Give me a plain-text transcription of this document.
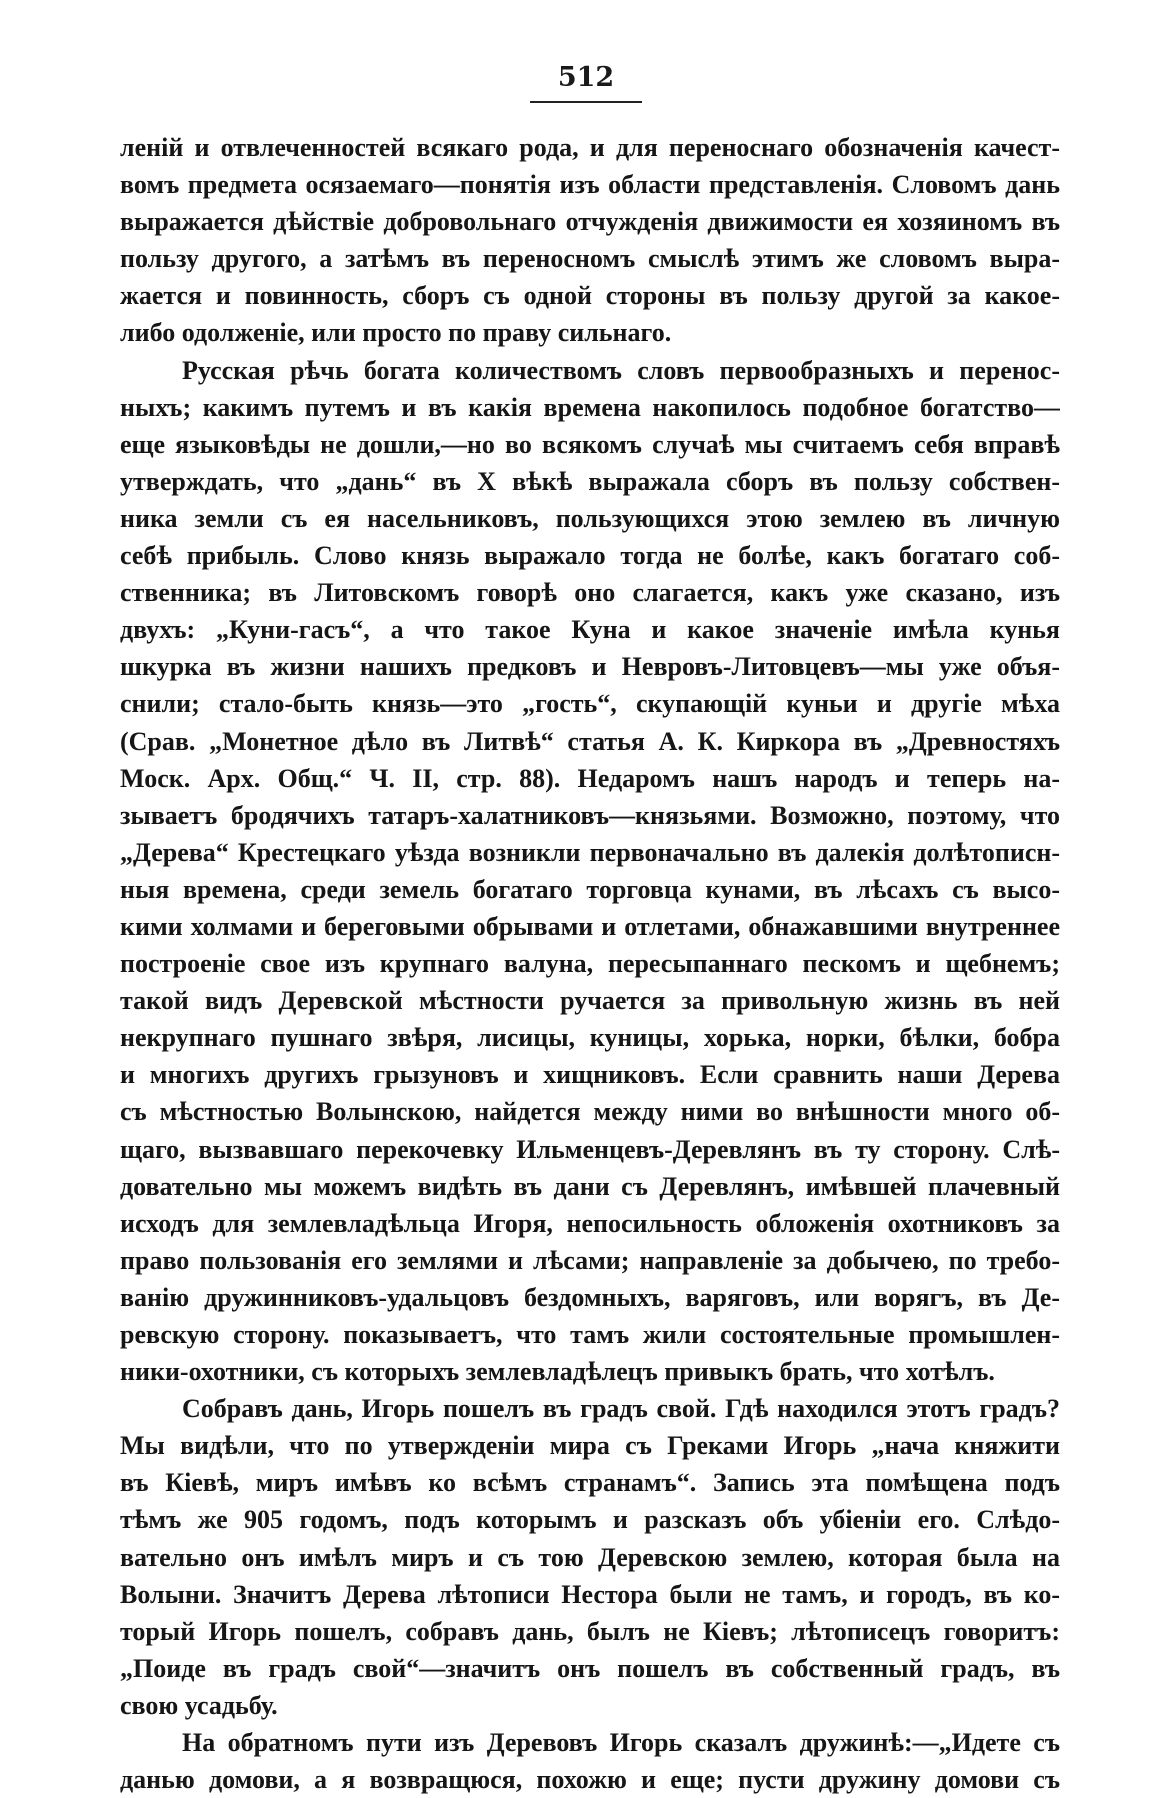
512
леній и отвлеченностей всякаго рода, и для переноснаго обозначенія качест-
вомъ предмета осязаемаго—понятія изъ области представленія. Словомъ дань
выражается дѣйствіе добровольнаго отчужденія движимости ея хозяиномъ въ
пользу другого, а затѣмъ въ переносномъ смыслѣ этимъ же словомъ выра-
жается и повинность, сборъ съ одной стороны въ пользу другой за какое-
либо одолженіе, или просто по праву сильнаго.
Русская рѣчь богата количествомъ словъ первообразныхъ и перенос-
ныхъ; какимъ путемъ и въ какія времена накопилось подобное богатство—
еще языковѣды не дошли,—но во всякомъ случаѣ мы считаемъ себя вправѣ
утверждать, что „дань“ въ X вѣкѣ выражала сборъ въ пользу собствен-
ника земли съ ея насельниковъ, пользующихся этою землею въ личную
себѣ прибыль. Слово князь выражало тогда не болѣе, какъ богатаго соб-
ственника; въ Литовскомъ говорѣ оно слагается, какъ уже сказано, изъ
двухъ: „Куни-гасъ“, а что такое Куна и какое значеніе имѣла кунья
шкурка въ жизни нашихъ предковъ и Невровъ-Литовцевъ—мы уже объя-
снили; стало-быть князь—это „гость“, скупающій куньи и другіе мѣха
(Срав. „Монетное дѣло въ Литвѣ“ статья А. К. Киркора въ „Древностяхъ
Моск. Арх. Общ.“ Ч. II, стр. 88). Недаромъ нашъ народъ и теперь на-
зываетъ бродячихъ татаръ-халатниковъ—князьями. Возможно, поэтому, что
„Дерева“ Крестецкаго уѣзда возникли первоначально въ далекія долѣтописн-
ныя времена, среди земель богатаго торговца кунами, въ лѣсахъ съ высо-
кими холмами и береговыми обрывами и отлетами, обнажавшими внутреннее
построеніе свое изъ крупнаго валуна, пересыпаннаго пескомъ и щебнемъ;
такой видъ Деревской мѣстности ручается за привольную жизнь въ ней
некрупнаго пушнаго звѣря, лисицы, куницы, хорька, норки, бѣлки, бобра
и многихъ другихъ грызуновъ и хищниковъ. Если сравнить наши Дерева
съ мѣстностью Волынскою, найдется между ними во внѣшности много об-
щаго, вызвавшаго перекочевку Ильменцевъ-Деревлянъ въ ту сторону. Слѣ-
довательно мы можемъ видѣть въ дани съ Деревлянъ, имѣвшей плачевный
исходъ для землевладѣльца Игоря, непосильность обложенія охотниковъ за
право пользованія его землями и лѣсами; направленіе за добычею, по требо-
ванію дружинниковъ-удальцовъ бездомныхъ, варяговъ, или ворягъ, въ Де-
ревскую сторону. показываетъ, что тамъ жили состоятельные промышлен-
ники-охотники, съ которыхъ землевладѣлецъ привыкъ брать, что хотѣлъ.
Собравъ дань, Игорь пошелъ въ градъ свой. Гдѣ находился этотъ градъ?
Мы видѣли, что по утвержденіи мира съ Греками Игорь „нача княжити
въ Кіевѣ, миръ имѣвъ ко всѣмъ странамъ“. Запись эта помѣщена подъ
тѣмъ же 905 годомъ, подъ которымъ и разсказъ объ убіеніи его. Слѣдо-
вательно онъ имѣлъ миръ и съ тою Деревскою землею, которая была на
Волыни. Значитъ Дерева лѣтописи Нестора были не тамъ, и городъ, въ ко-
торый Игорь пошелъ, собравъ дань, былъ не Кіевъ; лѣтописецъ говоритъ:
„Поиде въ градъ свой“—значитъ онъ пошелъ въ собственный градъ, въ
свою усадьбу.
На обратномъ пути изъ Деревовъ Игорь сказалъ дружинѣ:—„Идете съ
данью домови, а я возвращюся, похожю и еще; пусти дружину домови съ
